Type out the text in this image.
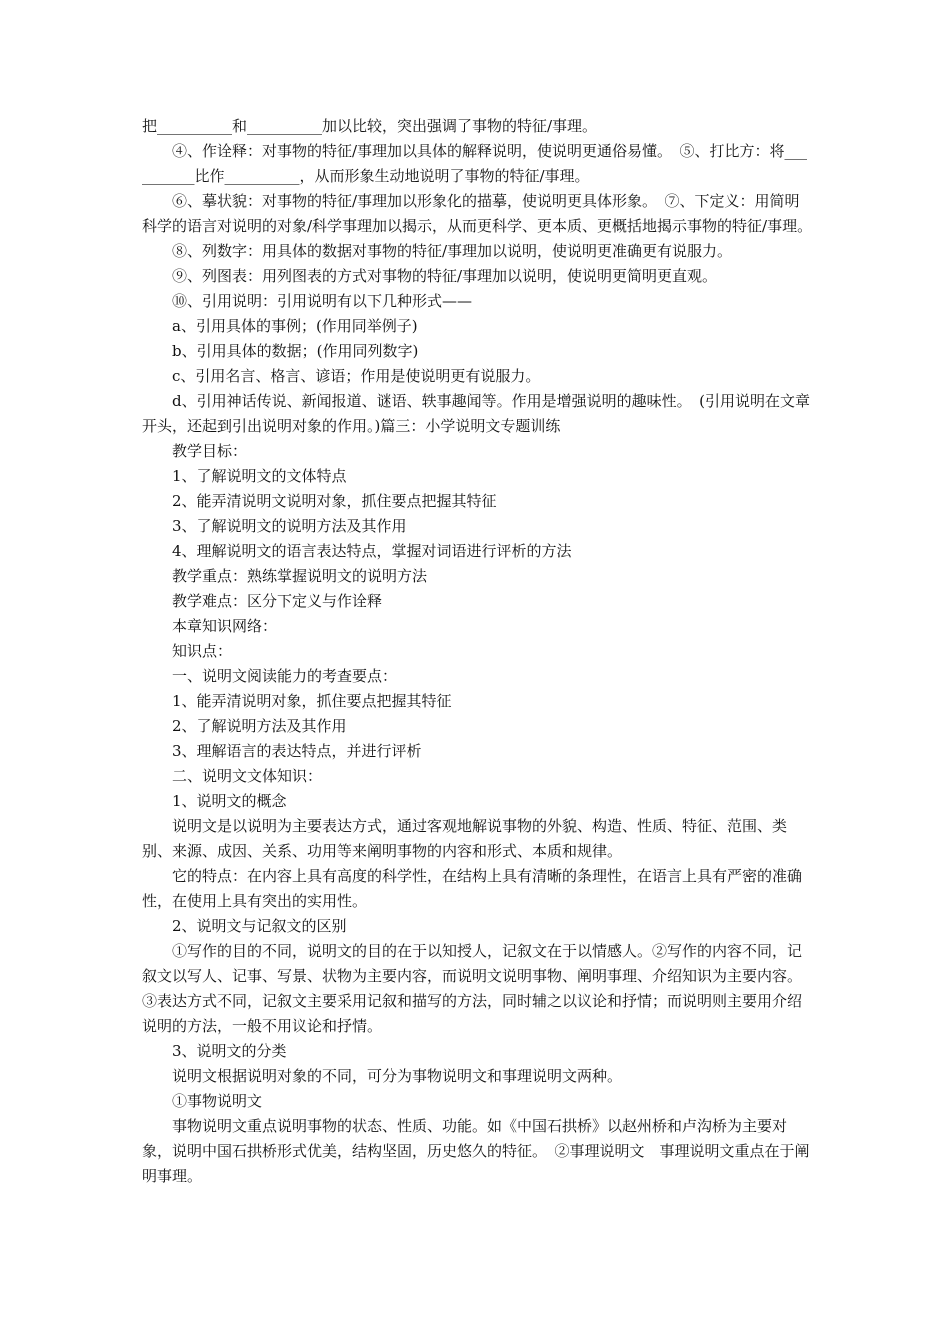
把__________和__________加以比较，突出强调了事物的特征/事理。

④、作诠释：对事物的特征/事理加以具体的解释说明，使说明更通俗易懂。　⑤、打比方：将__________比作__________，从而形象生动地说明了事物的特征/事理。

⑥、摹状貌：对事物的特征/事理加以形象化的描摹，使说明更具体形象。　⑦、下定义：用简明科学的语言对说明的对象/科学事理加以揭示，从而更科学、更本质、更概括地揭示事物的特征/事理。

⑧、列数字：用具体的数据对事物的特征/事理加以说明，使说明更准确更有说服力。

⑨、列图表：用列图表的方式对事物的特征/事理加以说明，使说明更简明更直观。

⑩、引用说明：引用说明有以下几种形式——

a、引用具体的事例；(作用同举例子)

b、引用具体的数据；(作用同列数字)

c、引用名言、格言、谚语；作用是使说明更有说服力。

d、引用神话传说、新闻报道、谜语、轶事趣闻等。作用是增强说明的趣味性。　(引用说明在文章开头，还起到引出说明对象的作用。)篇三：小学说明文专题训练

教学目标：

1、了解说明文的文体特点

2、能弄清说明文说明对象，抓住要点把握其特征

3、了解说明文的说明方法及其作用

4、理解说明文的语言表达特点，掌握对词语进行评析的方法

教学重点：熟练掌握说明文的说明方法

教学难点：区分下定义与作诠释

本章知识网络：

知识点：

一、说明文阅读能力的考查要点：

1、能弄清说明对象，抓住要点把握其特征

2、了解说明方法及其作用

3、理解语言的表达特点，并进行评析

二、说明文文体知识：

1、说明文的概念

说明文是以说明为主要表达方式，通过客观地解说事物的外貌、构造、性质、特征、范围、类别、来源、成因、关系、功用等来阐明事物的内容和形式、本质和规律。

它的特点：在内容上具有高度的科学性，在结构上具有清晰的条理性，在语言上具有严密的准确性，在使用上具有突出的实用性。

2、说明文与记叙文的区别

①写作的目的不同，说明文的目的在于以知授人，记叙文在于以情感人。②写作的内容不同，记叙文以写人、记事、写景、状物为主要内容，而说明文说明事物、阐明事理、介绍知识为主要内容。③表达方式不同，记叙文主要采用记叙和描写的方法，同时辅之以议论和抒情；而说明则主要用介绍说明的方法，一般不用议论和抒情。

3、说明文的分类

说明文根据说明对象的不同，可分为事物说明文和事理说明文两种。

①事物说明文

事物说明文重点说明事物的状态、性质、功能。如《中国石拱桥》以赵州桥和卢沟桥为主要对象，说明中国石拱桥形式优美，结构坚固，历史悠久的特征。　②事理说明文　事理说明文重点在于阐明事理。
